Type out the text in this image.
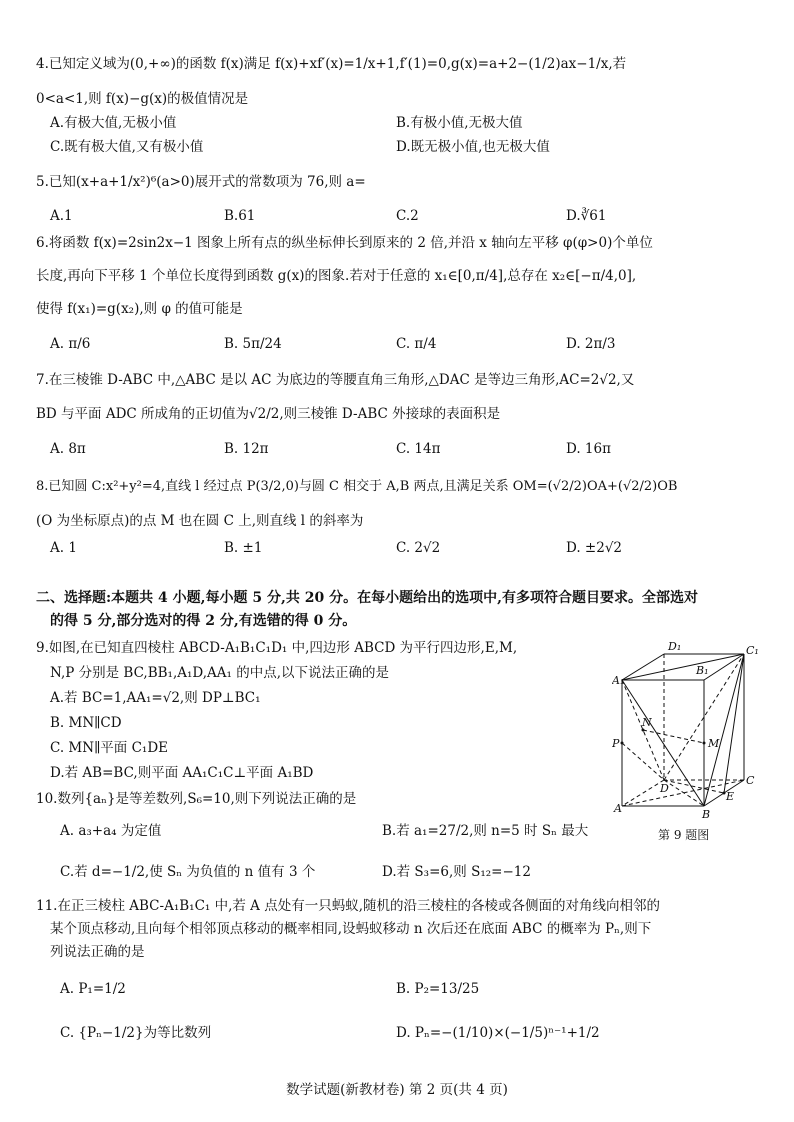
4.已知定义域为(0,+∞)的函数 f(x)满足 f(x)+xf′(x)=1/x+1,f′(1)=0,g(x)=a+2−(1/2)ax−1/x,若
0<a<1,则 f(x)−g(x)的极值情况是
A.有极大值,无极小值	B.有极小值,无极大值
C.既有极大值,又有极小值	D.既无极小值,也无极大值
5.已知(x+a+1/x²)⁶(a>0)展开式的常数项为 76,则 a=
A.1	B.61	C.2	D.∛61
6.将函数 f(x)=2sin2x−1 图象上所有点的纵坐标伸长到原来的 2 倍,并沿 x 轴向左平移 φ(φ>0)个单位
长度,再向下平移 1 个单位长度得到函数 g(x)的图象.若对于任意的 x₁∈[0,π/4],总存在 x₂∈[−π/4,0],
使得 f(x₁)=g(x₂),则 φ 的值可能是
A. π/6	B. 5π/24	C. π/4	D. 2π/3
7.在三棱锥 D-ABC 中,△ABC 是以 AC 为底边的等腰直角三角形,△DAC 是等边三角形,AC=2√2,又
BD 与平面 ADC 所成角的正切值为√2/2,则三棱锥 D-ABC 外接球的表面积是
A. 8π	B. 12π	C. 14π	D. 16π
8.已知圆 C:x²+y²=4,直线 l 经过点 P(3/2,0)与圆 C 相交于 A,B 两点,且满足关系 OM=(√2/2)OA+(√2/2)OB
(O 为坐标原点)的点 M 也在圆 C 上,则直线 l 的斜率为
A. 1	B. ±1	C. 2√2	D. ±2√2
二、选择题:本题共 4 小题,每小题 5 分,共 20 分。在每小题给出的选项中,有多项符合题目要求。全部选对
的得 5 分,部分选对的得 2 分,有选错的得 0 分。
9.如图,在已知直四棱柱 ABCD-A₁B₁C₁D₁ 中,四边形 ABCD 为平行四边形,E,M,
N,P 分别是 BC,BB₁,A₁D,AA₁ 的中点,以下说法正确的是
A.若 BC=1,AA₁=√2,则 DP⊥BC₁
B. MN∥CD
C. MN∥平面 C₁DE
D.若 AB=BC,则平面 AA₁C₁C⊥平面 A₁BD
D₁	C₁
A₁
B₁
N
P	M
D
C
A
E
B
第 9 题图
10.数列{aₙ}是等差数列,S₆=10,则下列说法正确的是
A. a₃+a₄ 为定值	B.若 a₁=27/2,则 n=5 时 Sₙ 最大
C.若 d=−1/2,使 Sₙ 为负值的 n 值有 3 个	D.若 S₃=6,则 S₁₂=−12
11.在正三棱柱 ABC-A₁B₁C₁ 中,若 A 点处有一只蚂蚁,随机的沿三棱柱的各棱或各侧面的对角线向相邻的
某个顶点移动,且向每个相邻顶点移动的概率相同,设蚂蚁移动 n 次后还在底面 ABC 的概率为 Pₙ,则下
列说法正确的是
A. P₁=1/2	B. P₂=13/25
C. {Pₙ−1/2}为等比数列	D. Pₙ=−(1/10)×(−1/5)ⁿ⁻¹+1/2
数学试题(新教材卷) 第 2 页(共 4 页)
